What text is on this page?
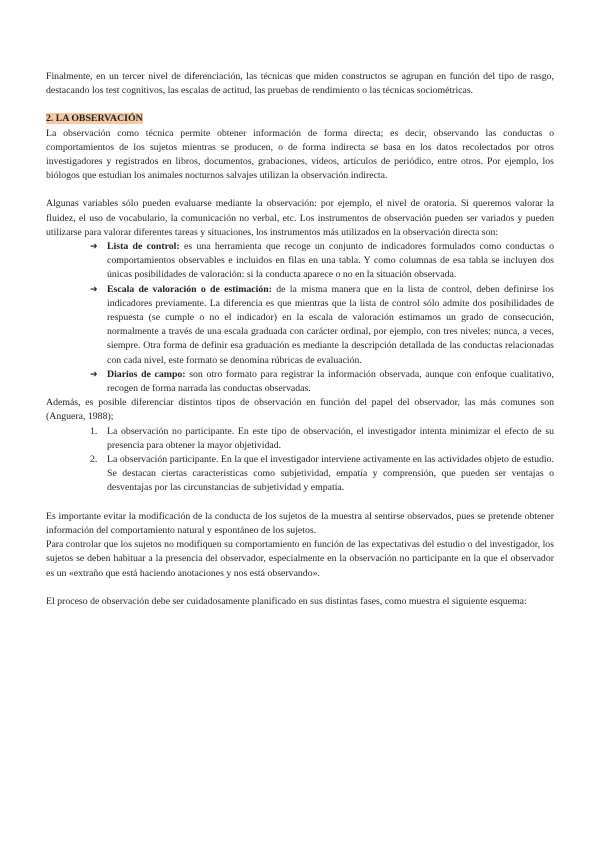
Finalmente, en un tercer nivel de diferenciación, las técnicas que miden constructos se agrupan en función del tipo de rasgo, destacando los test cognitivos, las escalas de actitud, las pruebas de rendimiento o las técnicas sociométricas.

2. LA OBSERVACIÓN

La observación como técnica permite obtener información de forma directa; es decir, observando las conductas o comportamientos de los sujetos mientras se producen, o de forma indirecta se basa en los datos recolectados por otros investigadores y registrados en libros, documentos, grabaciones, vídeos, artículos de periódico, entre otros. Por ejemplo, los biólogos que estudian los animales nocturnos salvajes utilizan la observación indirecta.

Algunas variables sólo pueden evaluarse mediante la observación: por ejemplo, el nivel de oratoria. Si queremos valorar la fluidez, el uso de vocabulario, la comunicación no verbal, etc. Los instrumentos de observación pueden ser variados y pueden utilizarse para valorar diferentes tareas y situaciones, los instrumentos más utilizados en la observación directa son:

➔ Lista de control: es una herramienta que recoge un conjunto de indicadores formulados como conductas o comportamientos observables e incluidos en filas en una tabla. Y como columnas de esa tabla se incluyen dos únicas posibilidades de valoración: si la conducta aparece o no en la situación observada.
➔ Escala de valoración o de estimación: de la misma manera que en la lista de control, deben definirse los indicadores previamente. La diferencia es que mientras que la lista de control sólo admite dos posibilidades de respuesta (se cumple o no el indicador) en la escala de valoración estimamos un grado de consecución, normalmente a través de una escala graduada con carácter ordinal, por ejemplo, con tres niveles: nunca, a veces, siempre. Otra forma de definir esa graduación es mediante la descripción detallada de las conductas relacionadas con cada nivel, este formato se denomina rúbricas de evaluación.
➔ Diarios de campo: son otro formato para registrar la información observada, aunque con enfoque cualitativo, recogen de forma narrada las conductas observadas.

Además, es posible diferenciar distintos tipos de observación en función del papel del observador, las más comunes son (Anguera, 1988);

1. La observación no participante. En este tipo de observación, el investigador intenta minimizar el efecto de su presencia para obtener la mayor objetividad.
2. La observación participante. En la que el investigador interviene activamente en las actividades objeto de estudio. Se destacan ciertas características como subjetividad, empatía y comprensión, que pueden ser ventajas o desventajas por las circunstancias de subjetividad y empatía.

Es importante evitar la modificación de la conducta de los sujetos de la muestra al sentirse observados, pues se pretende obtener información del comportamiento natural y espontáneo de los sujetos.

Para controlar que los sujetos no modifiquen su comportamiento en función de las expectativas del estudio o del investigador, los sujetos se deben habituar a la presencia del observador, especialmente en la observación no participante en la que el observador es un «extraño que está haciendo anotaciones y nos está observando».

El proceso de observación debe ser cuidadosamente planificado en sus distintas fases, como muestra el siguiente esquema:
